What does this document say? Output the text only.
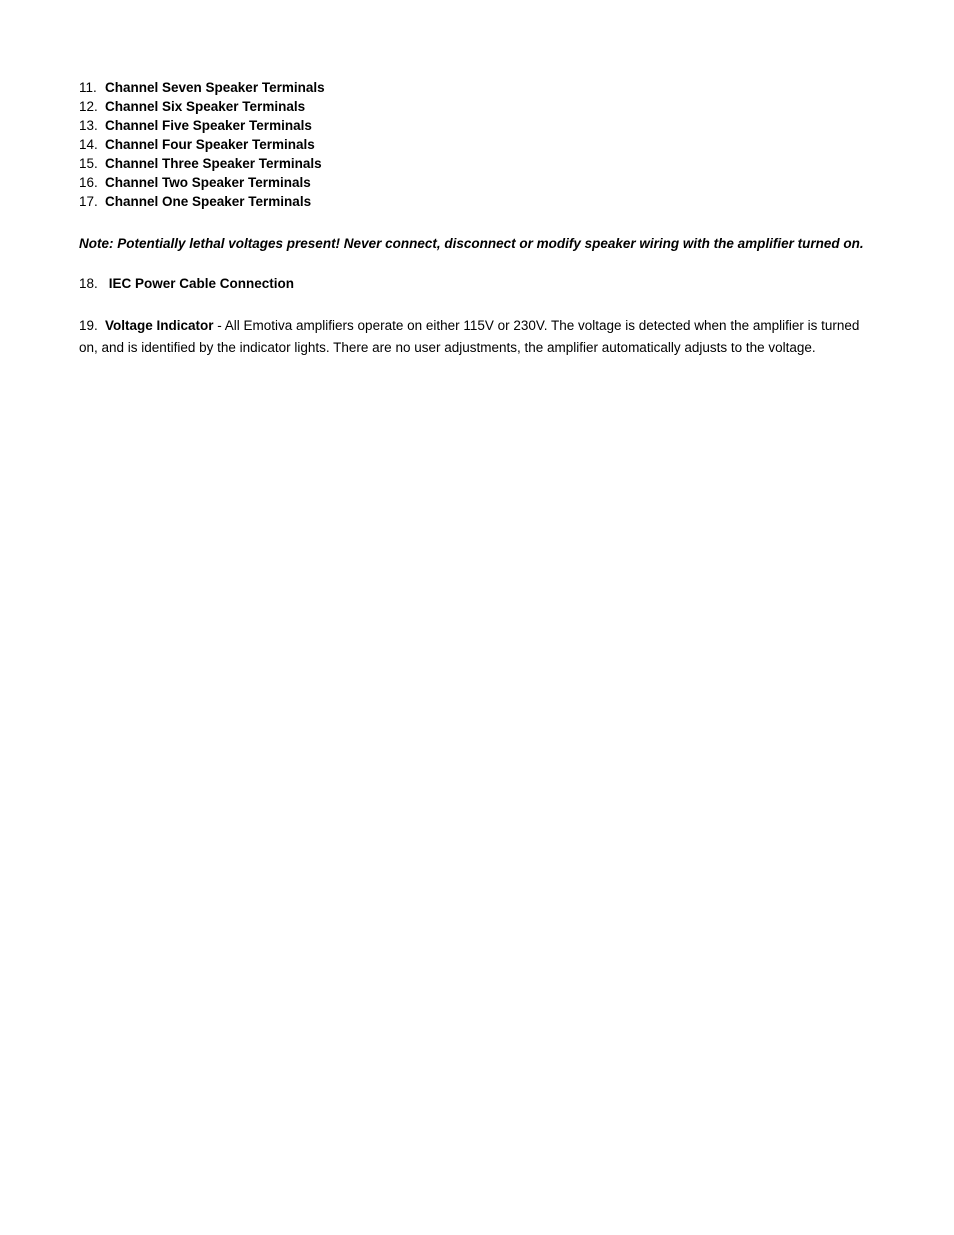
11. Channel Seven Speaker Terminals
12. Channel Six Speaker Terminals
13. Channel Five Speaker Terminals
14. Channel Four Speaker Terminals
15. Channel Three Speaker Terminals
16. Channel Two Speaker Terminals
17. Channel One Speaker Terminals
Note: Potentially lethal voltages present! Never connect, disconnect or modify speaker wiring with the amplifier turned on.
18. IEC Power Cable Connection
19. Voltage Indicator - All Emotiva amplifiers operate on either 115V or 230V. The voltage is detected when the amplifier is turned on, and is identified by the indicator lights. There are no user adjustments, the amplifier automatically adjusts to the voltage.
